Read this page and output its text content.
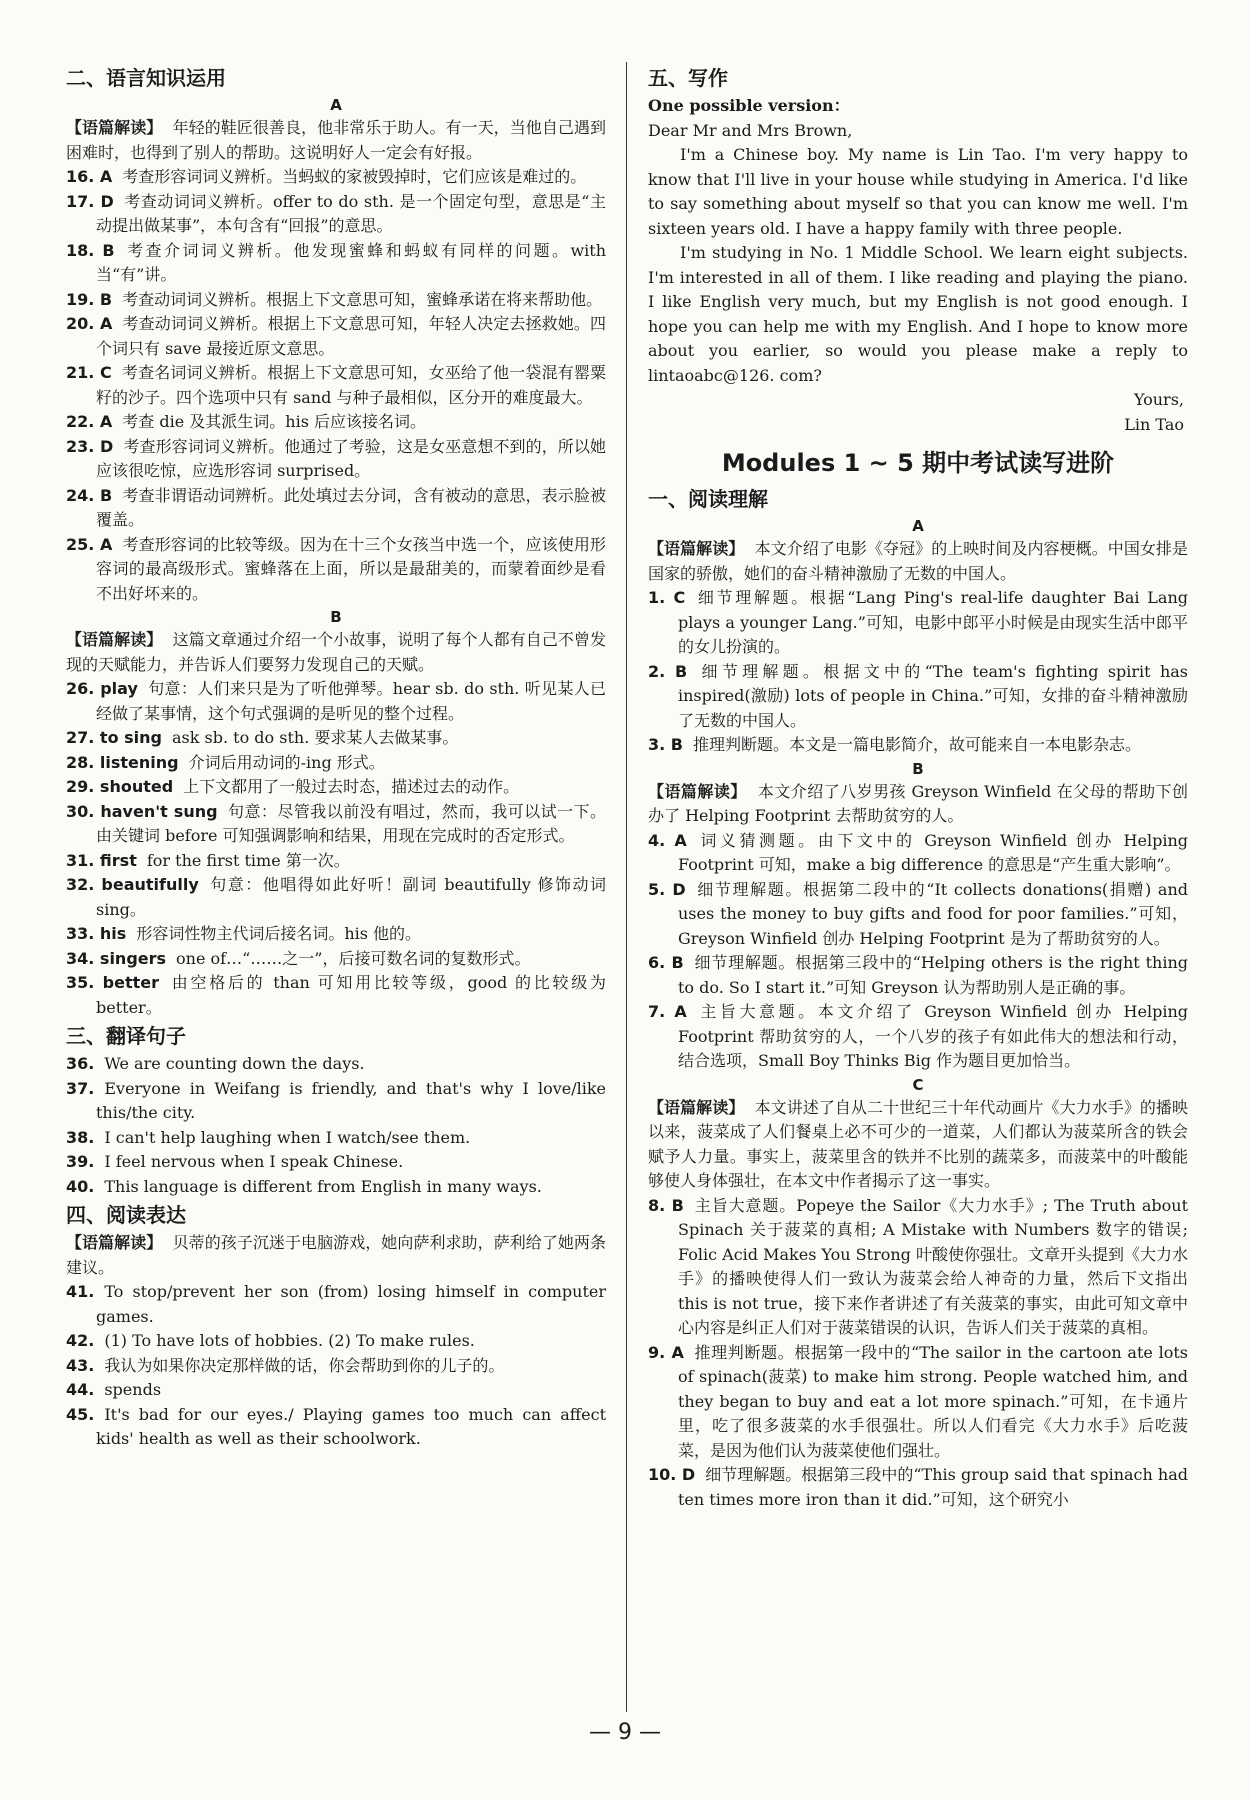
二、语言知识运用
A
【语篇解读】 年轻的鞋匠很善良，他非常乐于助人。有一天，当他自己遇到困难时，也得到了别人的帮助。这说明好人一定会有好报。
16. A 考查形容词词义辨析。当蚂蚁的家被毁掉时，它们应该是难过的。
17. D 考查动词词义辨析。offer to do sth. 是一个固定句型，意思是“主动提出做某事”，本句含有“回报”的意思。
18. B 考查介词词义辨析。他发现蜜蜂和蚂蚁有同样的问题。with 当“有”讲。
19. B 考查动词词义辨析。根据上下文意思可知，蜜蜂承诺在将来帮助他。
20. A 考查动词词义辨析。根据上下文意思可知，年轻人决定去拯救她。四个词只有 save 最接近原文意思。
21. C 考查名词词义辨析。根据上下文意思可知，女巫给了他一袋混有罂粟籽的沙子。四个选项中只有 sand 与种子最相似，区分开的难度最大。
22. A 考查 die 及其派生词。his 后应该接名词。
23. D 考查形容词词义辨析。他通过了考验，这是女巫意想不到的，所以她应该很吃惊，应选形容词 surprised。
24. B 考查非谓语动词辨析。此处填过去分词，含有被动的意思，表示脸被覆盖。
25. A 考查形容词的比较等级。因为在十三个女孩当中选一个，应该使用形容词的最高级形式。蜜蜂落在上面，所以是最甜美的，而蒙着面纱是看不出好坏来的。
B
【语篇解读】 这篇文章通过介绍一个小故事，说明了每个人都有自己不曾发现的天赋能力，并告诉人们要努力发现自己的天赋。
26. play 句意：人们来只是为了听他弹琴。hear sb. do sth. 听见某人已经做了某事情，这个句式强调的是听见的整个过程。
27. to sing ask sb. to do sth. 要求某人去做某事。
28. listening 介词后用动词的-ing 形式。
29. shouted 上下文都用了一般过去时态，描述过去的动作。
30. haven't sung 句意：尽管我以前没有唱过，然而，我可以试一下。由关键词 before 可知强调影响和结果，用现在完成时的否定形式。
31. first for the first time 第一次。
32. beautifully 句意：他唱得如此好听！副词 beautifully 修饰动词 sing。
33. his 形容词性物主代词后接名词。his 他的。
34. singers one of…“……之一”，后接可数名词的复数形式。
35. better 由空格后的 than 可知用比较等级，good 的比较级为 better。
三、翻译句子
36. We are counting down the days.
37. Everyone in Weifang is friendly, and that's why I love/like this/the city.
38. I can't help laughing when I watch/see them.
39. I feel nervous when I speak Chinese.
40. This language is different from English in many ways.
四、阅读表达
【语篇解读】 贝蒂的孩子沉迷于电脑游戏，她向萨利求助，萨利给了她两条建议。
41. To stop/prevent her son (from) losing himself in computer games.
42. (1) To have lots of hobbies. (2) To make rules.
43. 我认为如果你决定那样做的话，你会帮助到你的儿子的。
44. spends
45. It's bad for our eyes./ Playing games too much can affect kids' health as well as their schoolwork.
五、写作
One possible version：
Dear Mr and Mrs Brown,
I'm a Chinese boy. My name is Lin Tao. I'm very happy to know that I'll live in your house while studying in America. I'd like to say something about myself so that you can know me well. I'm sixteen years old. I have a happy family with three people.
I'm studying in No. 1 Middle School. We learn eight subjects. I'm interested in all of them. I like reading and playing the piano. I like English very much, but my English is not good enough. I hope you can help me with my English. And I hope to know more about you earlier, so would you please make a reply to lintaoabc@126. com?
Yours,
Lin Tao
Modules 1 ~ 5 期中考试读写进阶
一、阅读理解
A
【语篇解读】 本文介绍了电影《夺冠》的上映时间及内容梗概。中国女排是国家的骄傲，她们的奋斗精神激励了无数的中国人。
1. C 细节理解题。根据“Lang Ping's real-life daughter Bai Lang plays a younger Lang.”可知，电影中郎平小时候是由现实生活中郎平的女儿扮演的。
2. B 细节理解题。根据文中的“The team's fighting spirit has inspired(激励) lots of people in China.”可知，女排的奋斗精神激励了无数的中国人。
3. B 推理判断题。本文是一篇电影简介，故可能来自一本电影杂志。
B
【语篇解读】 本文介绍了八岁男孩 Greyson Winfield 在父母的帮助下创办了 Helping Footprint 去帮助贫穷的人。
4. A 词义猜测题。由下文中的 Greyson Winfield 创办 Helping Footprint 可知，make a big difference 的意思是“产生重大影响”。
5. D 细节理解题。根据第二段中的“It collects donations(捐赠) and uses the money to buy gifts and food for poor families.”可知，Greyson Winfield 创办 Helping Footprint 是为了帮助贫穷的人。
6. B 细节理解题。根据第三段中的“Helping others is the right thing to do. So I start it.”可知 Greyson 认为帮助别人是正确的事。
7. A 主旨大意题。本文介绍了 Greyson Winfield 创办 Helping Footprint 帮助贫穷的人，一个八岁的孩子有如此伟大的想法和行动，结合选项，Small Boy Thinks Big 作为题目更加恰当。
C
【语篇解读】 本文讲述了自从二十世纪三十年代动画片《大力水手》的播映以来，菠菜成了人们餐桌上必不可少的一道菜，人们都认为菠菜所含的铁会赋予人力量。事实上，菠菜里含的铁并不比别的蔬菜多，而菠菜中的叶酸能够使人身体强壮，在本文中作者揭示了这一事实。
8. B 主旨大意题。Popeye the Sailor《大力水手》; The Truth about Spinach 关于菠菜的真相; A Mistake with Numbers 数字的错误; Folic Acid Makes You Strong 叶酸使你强壮。文章开头提到《大力水手》的播映使得人们一致认为菠菜会给人神奇的力量，然后下文指出 this is not true，接下来作者讲述了有关菠菜的事实，由此可知文章中心内容是纠正人们对于菠菜错误的认识，告诉人们关于菠菜的真相。
9. A 推理判断题。根据第一段中的“The sailor in the cartoon ate lots of spinach(菠菜) to make him strong. People watched him, and they began to buy and eat a lot more spinach.”可知，在卡通片里，吃了很多菠菜的水手很强壮。所以人们看完《大力水手》后吃菠菜，是因为他们认为菠菜使他们强壮。
10. D 细节理解题。根据第三段中的“This group said that spinach had ten times more iron than it did.”可知，这个研究小
— 9 —
